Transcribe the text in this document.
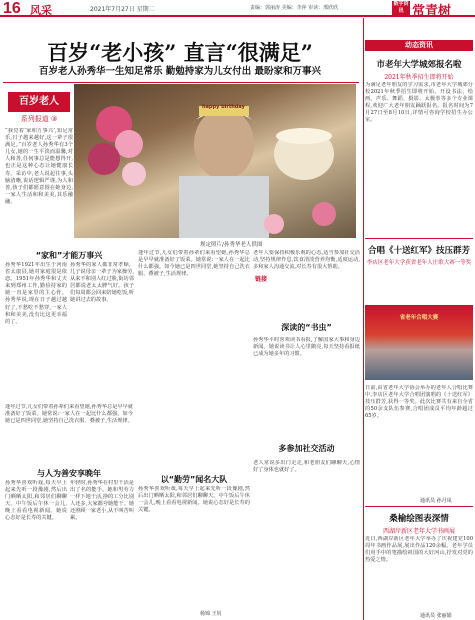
16 风采	2021年7月27日 星期二	责编：郭丽涛 美编：李萍 审读：邢欣欣
数字资讯 常青树
百岁“老小孩” 直言“很满足”
百岁老人孙秀华一生知足常乐 勤勉持家为儿女付出 最盼家和万事兴
百岁老人
系列报道 ③
“我觉着‘家和万事兴’,知足常乐,日子越来越好,这一辈子很满足。”百岁老人孙秀华有3个儿女,她的一生平淡而温馨,对人和善,任何事总是能想得开,也正是这种心态让她健康长寿。采访中,老人说起往事,头脑清晰,说话逻辑严谨,为人和善,孩子们都愿意围在她身边,一家人生活和和美美,其乐融融。
happy birthday
规定照片/孙秀华老人供图
“家和”才能万事兴
孙秀华1921年出生于河南省太康县,她对家庭很是依恋。1951年孙秀华和丈夫来到郑州工作,勤俭持家的她一直是家里的主心骨。孙秀华说,现在日子越过越好了,不愁吃不愁穿,一家人和和美美,没有比这更幸福的了。
孙秀华的家人都非常孝顺。儿子说母亲一辈子为家操劳,从来不和别人红过脸,街坊邻居都说老太太脾气好。孩子们每周都会回来陪她吃饭,听她讲过去的故事。
逢年过节,儿女们带着孙辈们来看望她,孙秀华总是早早就准备好了饭菜。她常说:一家人在一起比什么都强。如今她已是四世同堂,她坚持自己洗衣服、叠被子,生活规律。
与人为善安享晚年
孙秀华喜欢听戏,每天早上起来先听一段豫剧,然后出门晒晒太阳,和邻居们聊聊天。中午饭后午休一会儿,晚上看看电视新闻。她说心态好是长寿的关键。
年轻时,孙秀华在村里干活是出了名的能手。她和男劳力一样下地干活,挣的工分比别人还多,大家都夸她能干。她还照顾一家老小,从不叫苦叫累。
逢年过节,儿女们带着孙辈们来看望她,孙秀华总是早早就准备好了饭菜。她常说:一家人在一起比什么都强。如今她已是四世同堂,她坚持自己洗衣服、叠被子,生活规律。
以“勤劳”闻名大队
孙秀华喜欢听戏,每天早上起来先听一段豫剧,然后出门晒晒太阳,和邻居们聊聊天。中午饭后午休一会儿,晚上看看电视新闻。她说心态好是长寿的关键。
老年人要保持积极乐观的心态,适当参加社交活动,坚持规律作息,饮食清淡营养均衡,适度运动,多和家人沟通交流,对长寿有很大帮助。
链接
深读的“书虫”
孙秀华平时喜欢读书看报,了解国家大事和身边新闻。她说读书让人心里敞亮,每天坚持看报纸已成为她多年的习惯。
多参加社交活动
老人常说多出门走走,和老朋友们聊聊天,心情好了身体也就好了。
杨锦 王钊
动态资讯
市老年大学城郊报名啦
2021年秋季招生即将开始
为满足老年朋友的学习需求,市老年大学城郊分校2021年秋季招生即将开始。开设书法、绘画、声乐、舞蹈、摄影、太极拳等多个专业课程,欢迎广大老年朋友踊跃报名。报名时间为7月27日至8月10日,详情可咨询学校招生办公室。
合唱《十送红军》技压群芳
李店区老年大学获省老年人庄歌大赛一等奖
省老年合唱大赛
日前,由省老年大学协会举办的老年人合唱比赛中,李店区老年大学合唱团演唱的《十送红军》技压群芳,获得一等奖。此次比赛共有来自全省的50余支队伍参赛,合唱团成员平均年龄超过65岁。
通讯员 孙月凤
桑榆绘图表深情
西湖岸新区老年大学书画展
近日,西湖岸新区老年大学举办了庆祝建党100周年书画作品展,展出作品120余幅。老年学员们用手中的笔描绘祖国的大好河山,抒发对党的热爱之情。
通讯员 张丽娟
